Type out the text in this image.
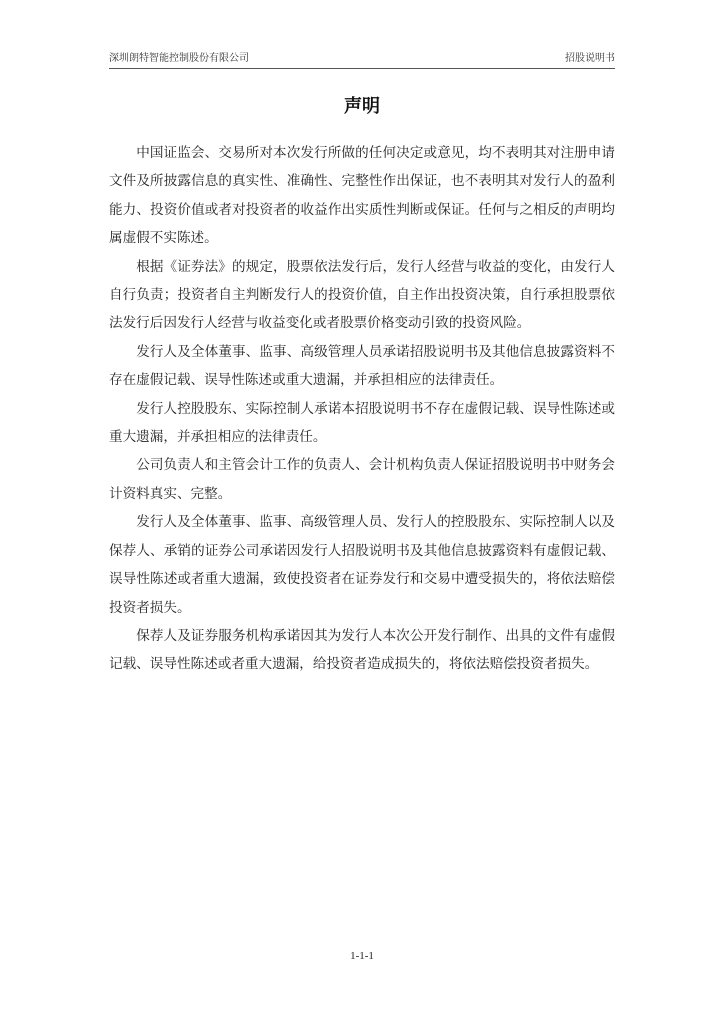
深圳朗特智能控制股份有限公司	招股说明书
声明

中国证监会、交易所对本次发行所做的任何决定或意见，均不表明其对注册申请文件及所披露信息的真实性、准确性、完整性作出保证，也不表明其对发行人的盈利能力、投资价值或者对投资者的收益作出实质性判断或保证。任何与之相反的声明均属虚假不实陈述。

根据《证券法》的规定，股票依法发行后，发行人经营与收益的变化，由发行人自行负责；投资者自主判断发行人的投资价值，自主作出投资决策，自行承担股票依法发行后因发行人经营与收益变化或者股票价格变动引致的投资风险。

发行人及全体董事、监事、高级管理人员承诺招股说明书及其他信息披露资料不存在虚假记载、误导性陈述或重大遗漏，并承担相应的法律责任。

发行人控股股东、实际控制人承诺本招股说明书不存在虚假记载、误导性陈述或重大遗漏，并承担相应的法律责任。

公司负责人和主管会计工作的负责人、会计机构负责人保证招股说明书中财务会计资料真实、完整。

发行人及全体董事、监事、高级管理人员、发行人的控股股东、实际控制人以及保荐人、承销的证券公司承诺因发行人招股说明书及其他信息披露资料有虚假记载、误导性陈述或者重大遗漏，致使投资者在证券发行和交易中遭受损失的，将依法赔偿投资者损失。

保荐人及证券服务机构承诺因其为发行人本次公开发行制作、出具的文件有虚假记载、误导性陈述或者重大遗漏，给投资者造成损失的，将依法赔偿投资者损失。

1-1-1
